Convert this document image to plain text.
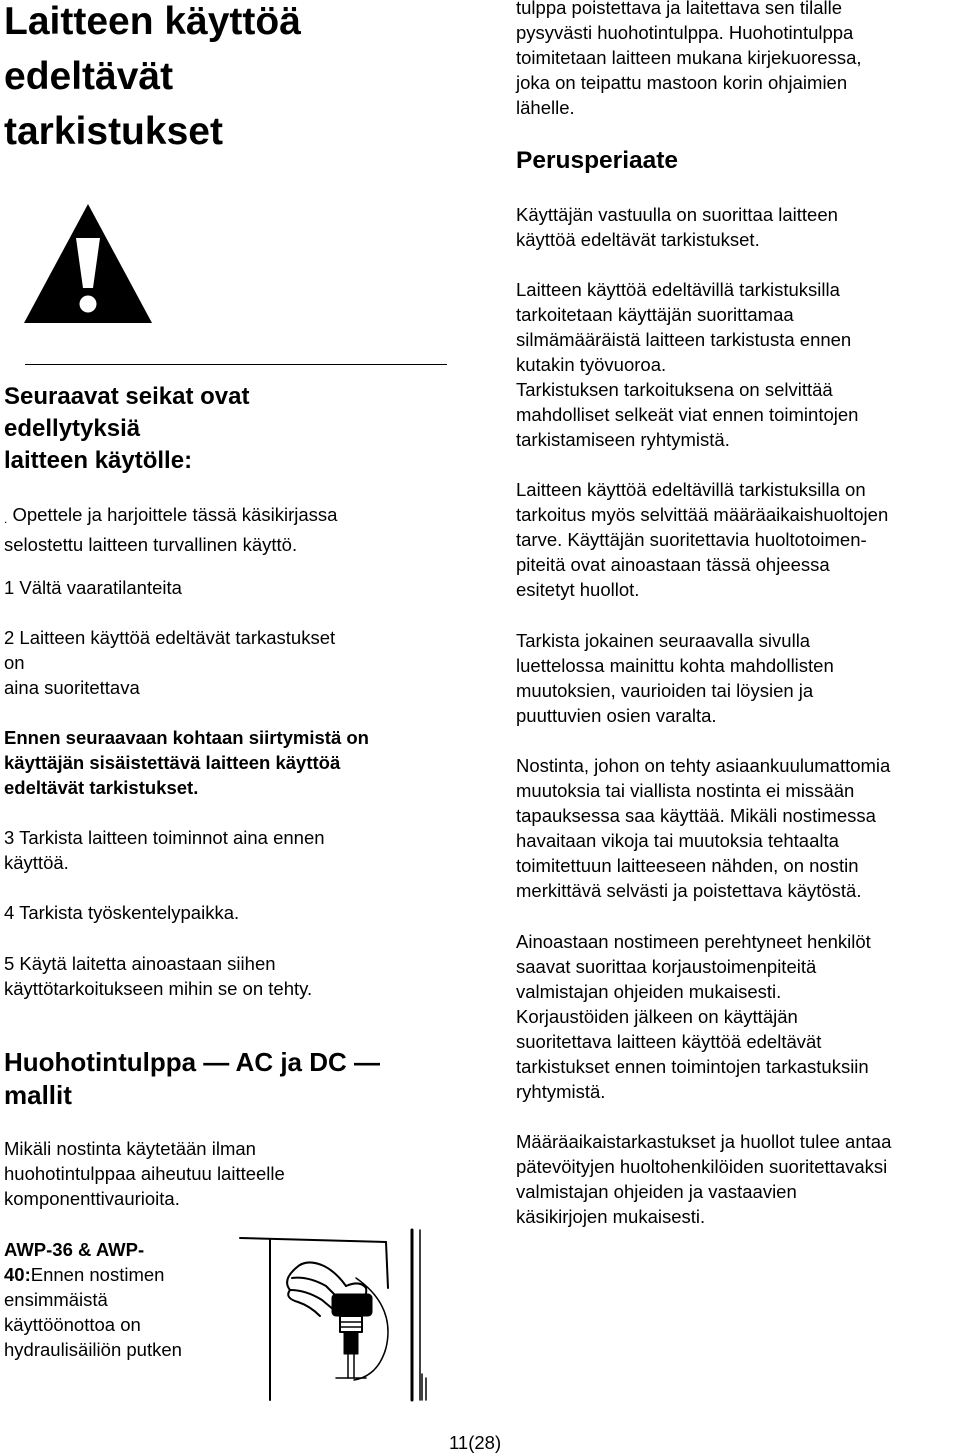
Laitteen käyttöä

edeltävät

tarkistukset

Seuraavat seikat ovat

edellytyksiä

laitteen käytölle:

. Opettele ja harjoittele tässä käsikirjassa

selostettu laitteen turvallinen käyttö.

1 Vältä vaaratilanteita

2 Laitteen käyttöä edeltävät tarkastukset

on

aina suoritettava

Ennen seuraavaan kohtaan siirtymistä on

käyttäjän sisäistettävä laitteen käyttöä

edeltävät tarkistukset.

3 Tarkista laitteen toiminnot aina ennen

käyttöä.

4 Tarkista työskentelypaikka.

5 Käytä laitetta ainoastaan siihen

käyttötarkoitukseen mihin se on tehty.

Huohotintulppa — AC ja DC —

mallit

Mikäli nostinta käytetään ilman

huohotintulppaa aiheutuu laitteelle

komponenttivaurioita.

AWP-36 & AWP-

40:Ennen nostimen

ensimmäistä

käyttöönottoa on

hydraulisäiliön putken

tulppa poistettava ja laitettava sen tilalle

pysyvästi huohotintulppa. Huohotintulppa

toimitetaan laitteen mukana kirjekuoressa,

joka on teipattu mastoon korin ohjaimien

lähelle.

Perusperiaate

Käyttäjän vastuulla on suorittaa laitteen

käyttöä edeltävät tarkistukset.

Laitteen käyttöä edeltävillä tarkistuksilla

tarkoitetaan käyttäjän suorittamaa

silmämääräistä laitteen tarkistusta ennen

kutakin työvuoroa.

Tarkistuksen tarkoituksena on selvittää

mahdolliset selkeät viat ennen toimintojen

tarkistamiseen ryhtymistä.

Laitteen käyttöä edeltävillä tarkistuksilla on

tarkoitus myös selvittää määräaikaishuoltojen

tarve. Käyttäjän suoritettavia huoltotoimen-

piteitä ovat ainoastaan tässä ohjeessa

esitetyt huollot.

Tarkista jokainen seuraavalla sivulla

luettelossa mainittu kohta mahdollisten

muutoksien, vaurioiden tai löysien ja

puuttuvien osien varalta.

Nostinta, johon on tehty asiaankuulumattomia

muutoksia tai viallista nostinta ei missään

tapauksessa saa käyttää. Mikäli nostimessa

havaitaan vikoja tai muutoksia tehtaalta

toimitettuun laitteeseen nähden, on nostin

merkittävä selvästi ja poistettava käytöstä.

Ainoastaan nostimeen perehtyneet henkilöt

saavat suorittaa korjaustoimenpiteitä

valmistajan ohjeiden mukaisesti.

Korjaustöiden jälkeen on käyttäjän

suoritettava laitteen käyttöä edeltävät

tarkistukset ennen toimintojen tarkastuksiin

ryhtymistä.

Määräaikaistarkastukset ja huollot tulee antaa

pätevöityjen huoltohenkilöiden suoritettavaksi

valmistajan ohjeiden ja vastaavien

käsikirjojen mukaisesti.

11(28)
